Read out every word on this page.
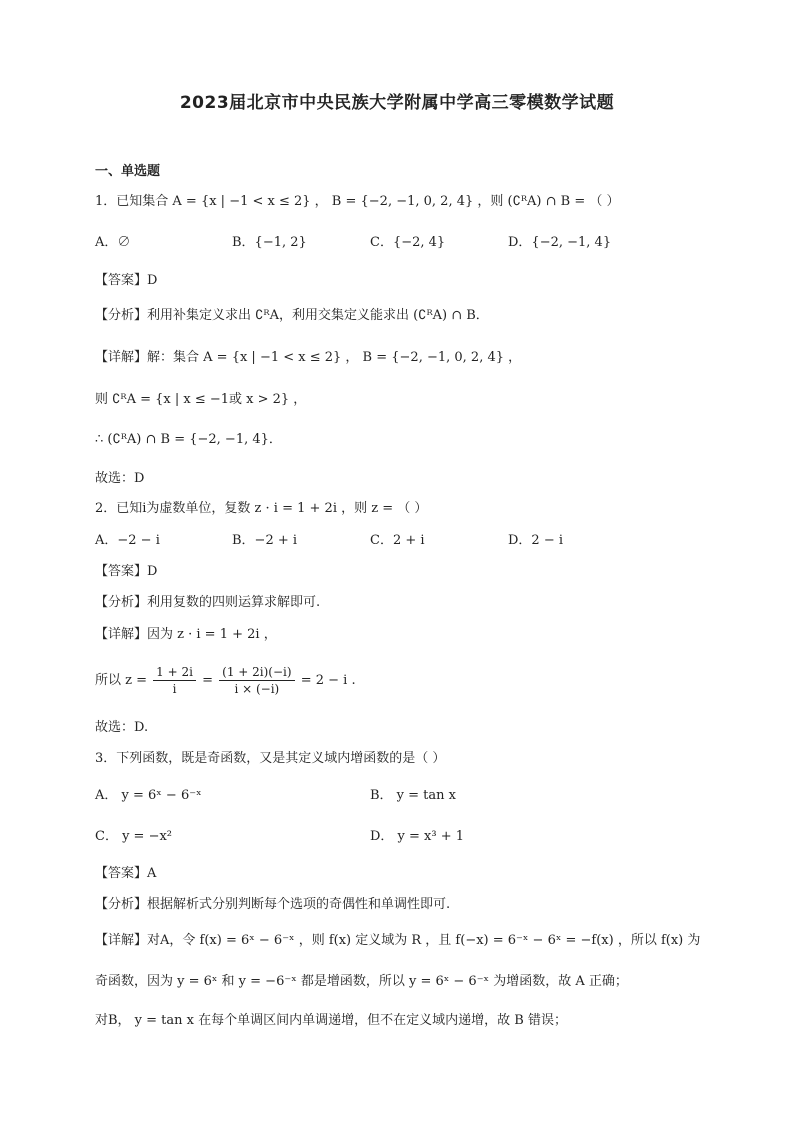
2023届北京市中央民族大学附属中学高三零模数学试题
一、单选题
1．已知集合 A = {x | −1 < x ≤ 2} ， B = {−2, −1, 0, 2, 4} ，则 (∁ᴿA) ∩ B = （ ）
A．∅	B．{−1, 2}	C．{−2, 4}	D．{−2, −1, 4}
【答案】D
【分析】利用补集定义求出 ∁ᴿA，利用交集定义能求出 (∁ᴿA) ∩ B．
【详解】解：集合 A = {x | −1 < x ≤ 2} ， B = {−2, −1, 0, 2, 4} ，
则 ∁ᴿA = {x | x ≤ −1或 x > 2} ，
∴ (∁ᴿA) ∩ B = {−2, −1, 4}．
故选：D
2．已知i为虚数单位，复数 z · i = 1 + 2i ，则 z = （ ）
A．−2 − i	B．−2 + i	C．2 + i	D．2 − i
【答案】D
【分析】利用复数的四则运算求解即可.
【详解】因为 z · i = 1 + 2i ，
所以 $z = \frac{1 + 2i}{i} = \frac{(1 + 2i)(-i)}{i \times (-i)} = 2 - i$ .
故选：D.
3．下列函数，既是奇函数，又是其定义域内增函数的是（ ）
A． y = 6ˣ − 6⁻ˣ	B． y = tan x
C． y = −x²	D． y = x³ + 1
【答案】A
【分析】根据解析式分别判断每个选项的奇偶性和单调性即可.
【详解】对A，令 f(x) = 6ˣ − 6⁻ˣ ，则 f(x) 定义域为 R ，且 f(−x) = 6⁻ˣ − 6ˣ = −f(x) ，所以 f(x) 为
奇函数，因为 y = 6ˣ 和 y = −6⁻ˣ 都是增函数，所以 y = 6ˣ − 6⁻ˣ 为增函数，故 A 正确；
对B， y = tan x 在每个单调区间内单调递增，但不在定义域内递增，故 B 错误；
